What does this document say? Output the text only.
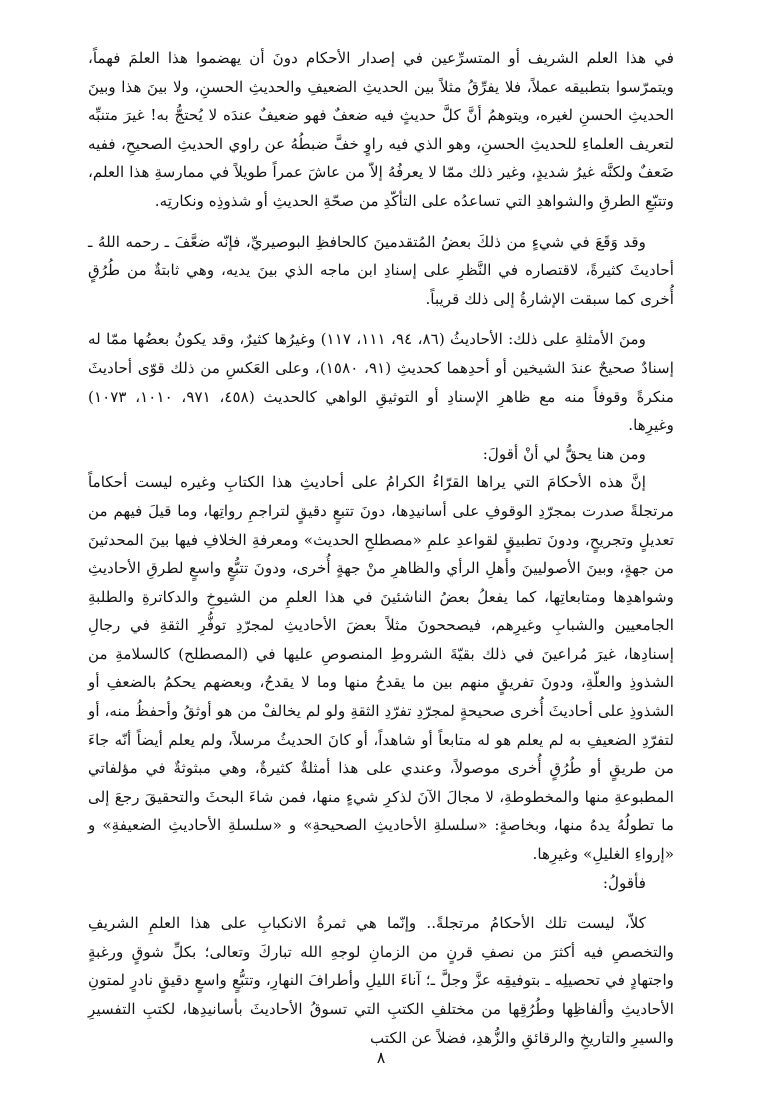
في هذا العلم الشريف أو المتسرِّعين في إصدار الأحكام دونَ أن يهضموا هذا العلمَ فهماً، ويتمرّسوا بتطبيقه عملاً، فلا يفرِّقُ مثلاً بين الحديثِ الضعيفِ والحديثِ الحسنِ، ولا بينَ هذا وبينَ الحديثِ الحسنِ لغيره، ويتوهمُ أنَّ كلَّ حديثٍ فيه ضعفٌ فهو ضعيفٌ عندَه لا يُحتجُّ به! غيرَ متنبِّه لتعريف العلماءِ للحديثِ الحسنِ، وهو الذي فيه راوٍ خفَّ ضبطُهُ عن راوي الحديثِ الصحيحِ، ففيه ضَعفٌ ولكنَّه غيرُ شديدٍ، وغير ذلك ممّا لا يعرفُهُ إلاّ من عاشَ عمراً طويلاً في ممارسةِ هذا العلم، وتتبّعِ الطرقِ والشواهدِ التي تساعدُه على التأكّدِ من صحّةِ الحديثِ أو شذوذِه ونكارتِه.

وقد وَقَعَ في شيءٍ من ذلكَ بعضُ المُتقدمينَ كالحافظِ البوصيريِّ، فإنّه ضعَّفَ ـ رحمه اللهُ ـ أحاديثَ كثيرةً، لاقتصاره في النَّظرِ على إسنادِ ابن ماجه الذي بينَ يديه، وهي ثابتةٌ من طُرُقٍ أُخرى كما سبقت الإشارةُ إلى ذلك قريباً.

ومنَ الأمثلةِ على ذلك: الأحاديثُ (٨٦، ٩٤، ١١١، ١١٧) وغيرُها كثيرٌ، وقد يكونُ بعضُها ممّا له إسنادٌ صحيحٌ عندَ الشيخين أو أحدِهما كحديثِ (٩١، ١٥٨٠)، وعلى العَكسِ من ذلك قوّى أحاديثَ منكرةً وقوفاً منه مع ظاهرِ الإسنادِ أو التوثيقِ الواهي كالحديث (٤٥٨، ٩٧١، ١٠١٠، ١٠٧٣) وغيرِها.

ومن هنا يحقُّ لي أنْ أقولَ:

إنَّ هذه الأحكامَ التي يراها القرّاءُ الكرامُ على أحاديثِ هذا الكتابِ وغيره ليست أحكاماً مرتجلةً صدرت بمجرّدِ الوقوفِ على أسانيدِها، دونَ تتبعٍ دقيقٍ لتراجمِ رواتِها، وما قيلَ فيهم من تعديلٍ وتجريحٍ، ودونَ تطبيقٍ لقواعدِ علمِ «مصطلحِ الحديث» ومعرفةِ الخلافِ فيها بينَ المحدثينَ من جهةٍ، وبينَ الأصوليينَ وأهلِ الرأي والظاهرِ منْ جهةٍ أُخرى، ودونَ تتبُّعٍ واسعٍ لطرقِ الأحاديثِ وشواهدِها ومتابعاتِها، كما يفعلُ بعضُ الناشئينَ في هذا العلمِ من الشيوخِ والدكاترةِ والطلبةِ الجامعيين والشبابِ وغيرِهم، فيصححونَ مثلاً بعضَ الأحاديثِ لمجرّدِ توفُّرِ الثقةِ في رجالِ إسنادِها، غيرَ مُراعينَ في ذلك بقيّةَ الشروطِ المنصوصِ عليها في (المصطلح) كالسلامةِ من الشذوذِ والعلّةِ، ودونَ تفريقٍ منهم بين ما يقدحُ منها وما لا يقدحُ، وبعضهم يحكمُ بالضعفِ أو الشذوذِ على أحاديثَ أُخرى صحيحةٍ لمجرّدِ تفرّدِ الثقةِ ولو لم يخالفْ من هو أوثقُ وأحفظُ منه، أو لتفرّدِ الضعيفِ به لم يعلم هو له متابعاً أو شاهداً، أو كانَ الحديثُ مرسلاً، ولم يعلم أيضاً أنّه جاءَ من طريقٍ أو طُرُقٍ أُخرى موصولاً، وعندي على هذا أمثلةٌ كثيرةٌ، وهي مبثوثةٌ في مؤلفاتي المطبوعةِ منها والمخطوطةِ، لا مجالَ الآنَ لذكرِ شيءٍ منها، فمن شاءَ البحثَ والتحقيقَ رجعَ إلى ما تطولُهُ يدهُ منها، وبخاصةٍ: «سلسلةِ الأحاديثِ الصحيحةِ» و «سلسلةِ الأحاديثِ الضعيفةِ» و «إرواءِ الغليلِ» وغيرِها.

فأقولُ:

كلاّ، ليست تلك الأحكامُ مرتجلةً.. وإنّما هي ثمرةُ الانكبابِ على هذا العلمِ الشريفِ والتخصصِ فيه أكثرَ من نصفِ قرنٍ من الزمانِ لوجهِ الله تباركَ وتعالى؛ بكلِّ شوقٍ ورغبةٍ واجتهادٍ في تحصيلِه ـ بتوفيقِه عزَّ وجلَّ ـ؛ آناءَ الليلِ وأطرافَ النهارِ، وتتبُّعٍ واسعٍ دقيقٍ نادرٍ لمتونِ الأحاديثِ وألفاظِها وطُرُقِها من مختلفِ الكتبِ التي تسوقُ الأحاديثَ بأسانيدِها، لكتبِ التفسيرِ والسيرِ والتاريخِ والرقائقِ والزُّهدِ، فضلاً عن الكتب

٨
